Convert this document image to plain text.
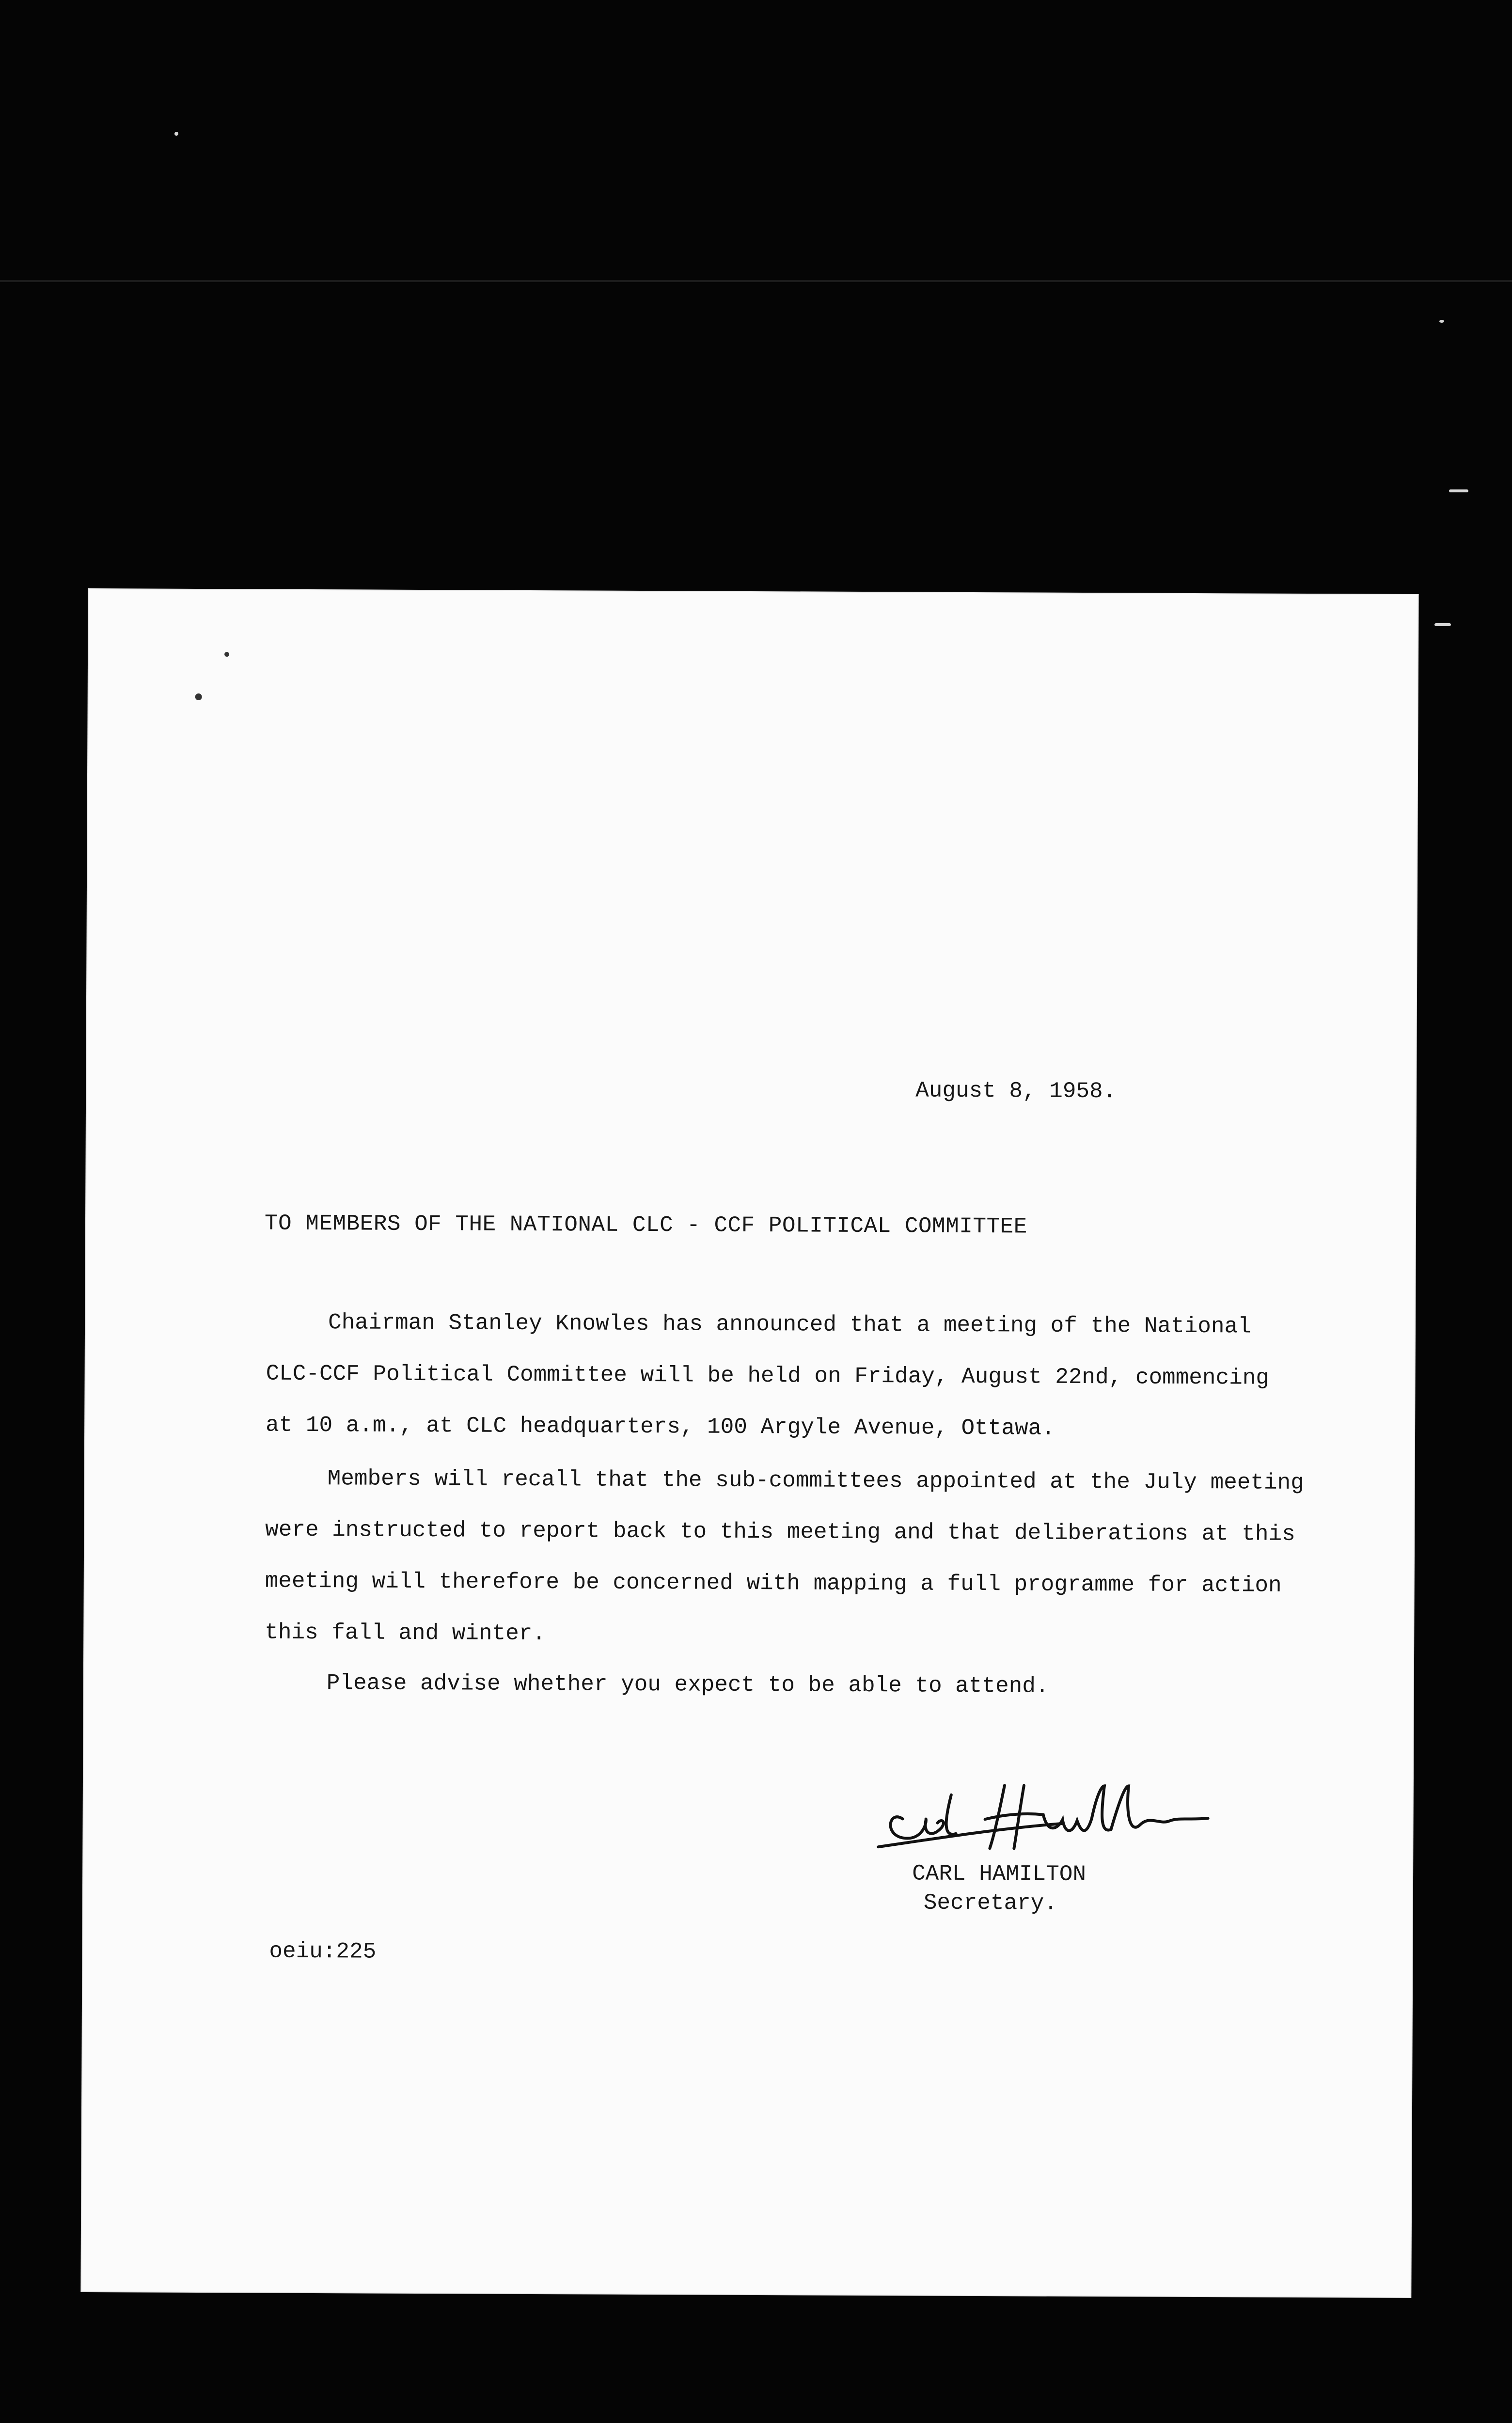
August 8, 1958.
TO MEMBERS OF THE NATIONAL CLC - CCF POLITICAL COMMITTEE
Chairman Stanley Knowles has announced that a meeting of the National
CLC-CCF Political Committee will be held on Friday, August 22nd, commencing
at 10 a.m., at CLC headquarters, 100 Argyle Avenue, Ottawa.
Members will recall that the sub-committees appointed at the July meeting
were instructed to report back to this meeting and that deliberations at this
meeting will therefore be concerned with mapping a full programme for action
this fall and winter.
Please advise whether you expect to be able to attend.
CARL HAMILTON
Secretary.
oeiu:225
